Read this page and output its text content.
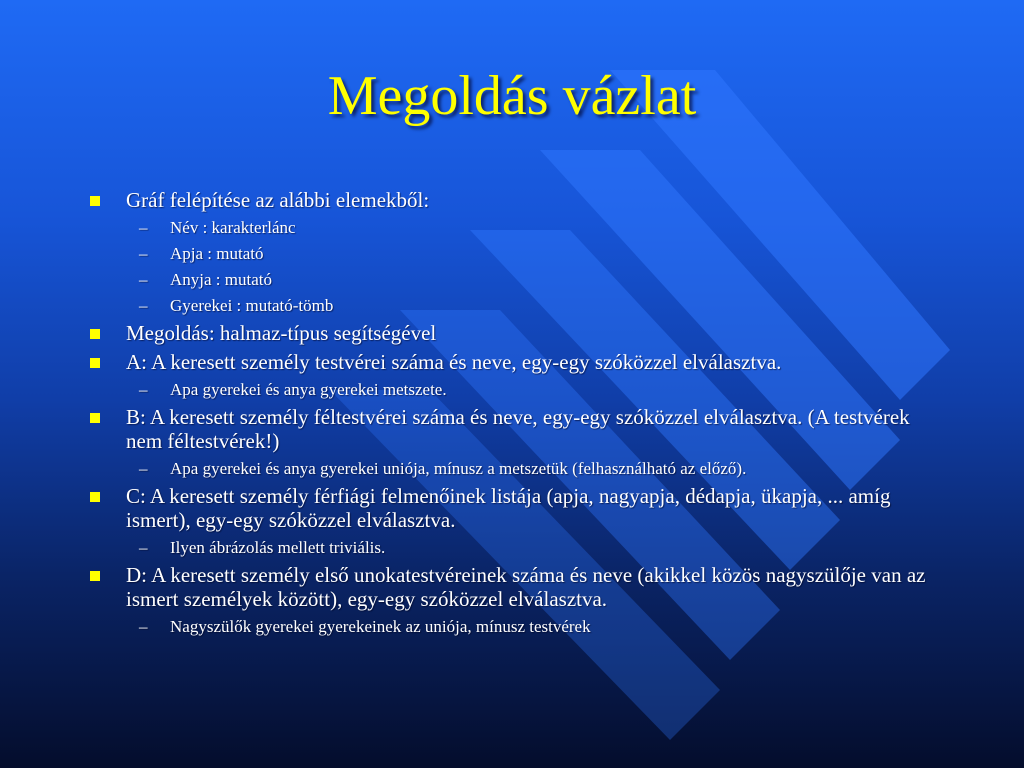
Megoldás vázlat
Gráf felépítése az alábbi elemekből:
– Név : karakterlánc
– Apja : mutató
– Anyja : mutató
– Gyerekei : mutató-tömb
Megoldás: halmaz-típus segítségével
A: A keresett személy testvérei száma és neve, egy-egy szóközzel elválasztva.
– Apa gyerekei és anya gyerekei metszete.
B: A keresett személy féltestvérei száma és neve, egy-egy szóközzel elválasztva. (A testvérek nem féltestvérek!)
– Apa gyerekei és anya gyerekei uniója, mínusz a metszetük (felhasználható az előző).
C: A keresett személy férfiági felmenőinek listája (apja, nagyapja, dédapja, ükapja, ... amíg ismert), egy-egy szóközzel elválasztva.
– Ilyen ábrázolás mellett triviális.
D: A keresett személy első unokatestvéreinek száma és neve (akikkel közös nagyszülője van az ismert személyek között), egy-egy szóközzel elválasztva.
– Nagyszülők gyerekei gyerekeinek az uniója, mínusz testvérek
